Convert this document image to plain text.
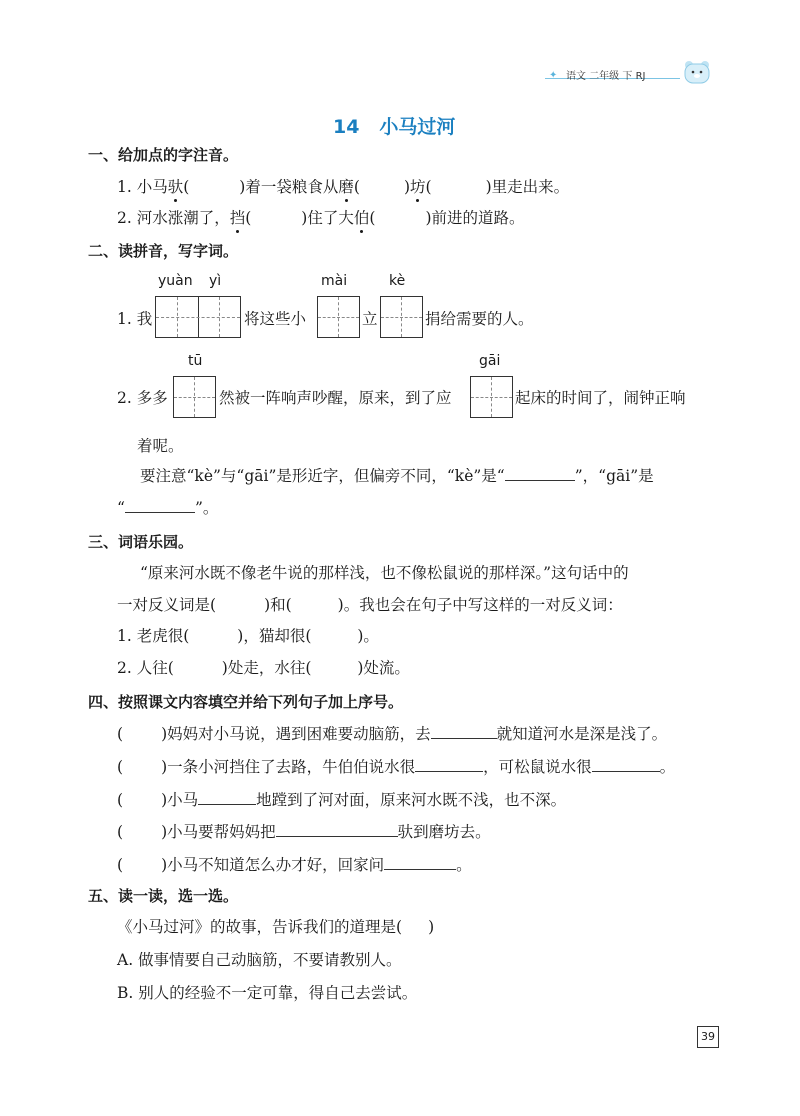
✦ 语文 二年级 下 RJ
14 小马过河
一、给加点的字注音。
1. 小马驮(	)着一袋粮食从磨(	)坊(	)里走出来。
2. 河水涨潮了，挡(	)住了大伯(	)前进的道路。
二、读拼音，写字词。
yuàn yì	mài	kè
1. 我	将这些小	立	捐给需要的人。
tū	gāi
2. 多多	然被一阵响声吵醒，原来，到了应	起床的时间了，闹钟正响
着呢。
要注意“kè”与“gāi”是形近字，但偏旁不同，“kè”是“	”，“gāi”是
“	”。
三、词语乐园。
“原来河水既不像老牛说的那样浅，也不像松鼠说的那样深。”这句话中的
一对反义词是(	)和(	)。我也会在句子中写这样的一对反义词：
1. 老虎很(	)，猫却很(	)。
2. 人往(	)处走，水往(	)处流。
四、按照课文内容填空并给下列句子加上序号。
( )妈妈对小马说，遇到困难要动脑筋，去	就知道河水是深是浅了。
( )一条小河挡住了去路，牛伯伯说水很	，可松鼠说水很	。
( )小马	地蹚到了河对面，原来河水既不浅，也不深。
( )小马要帮妈妈把	驮到磨坊去。
( )小马不知道怎么办才好，回家问	。
五、读一读，选一选。
《小马过河》的故事，告诉我们的道理是( )
A. 做事情要自己动脑筋，不要请教别人。
B. 别人的经验不一定可靠，得自己去尝试。
39
